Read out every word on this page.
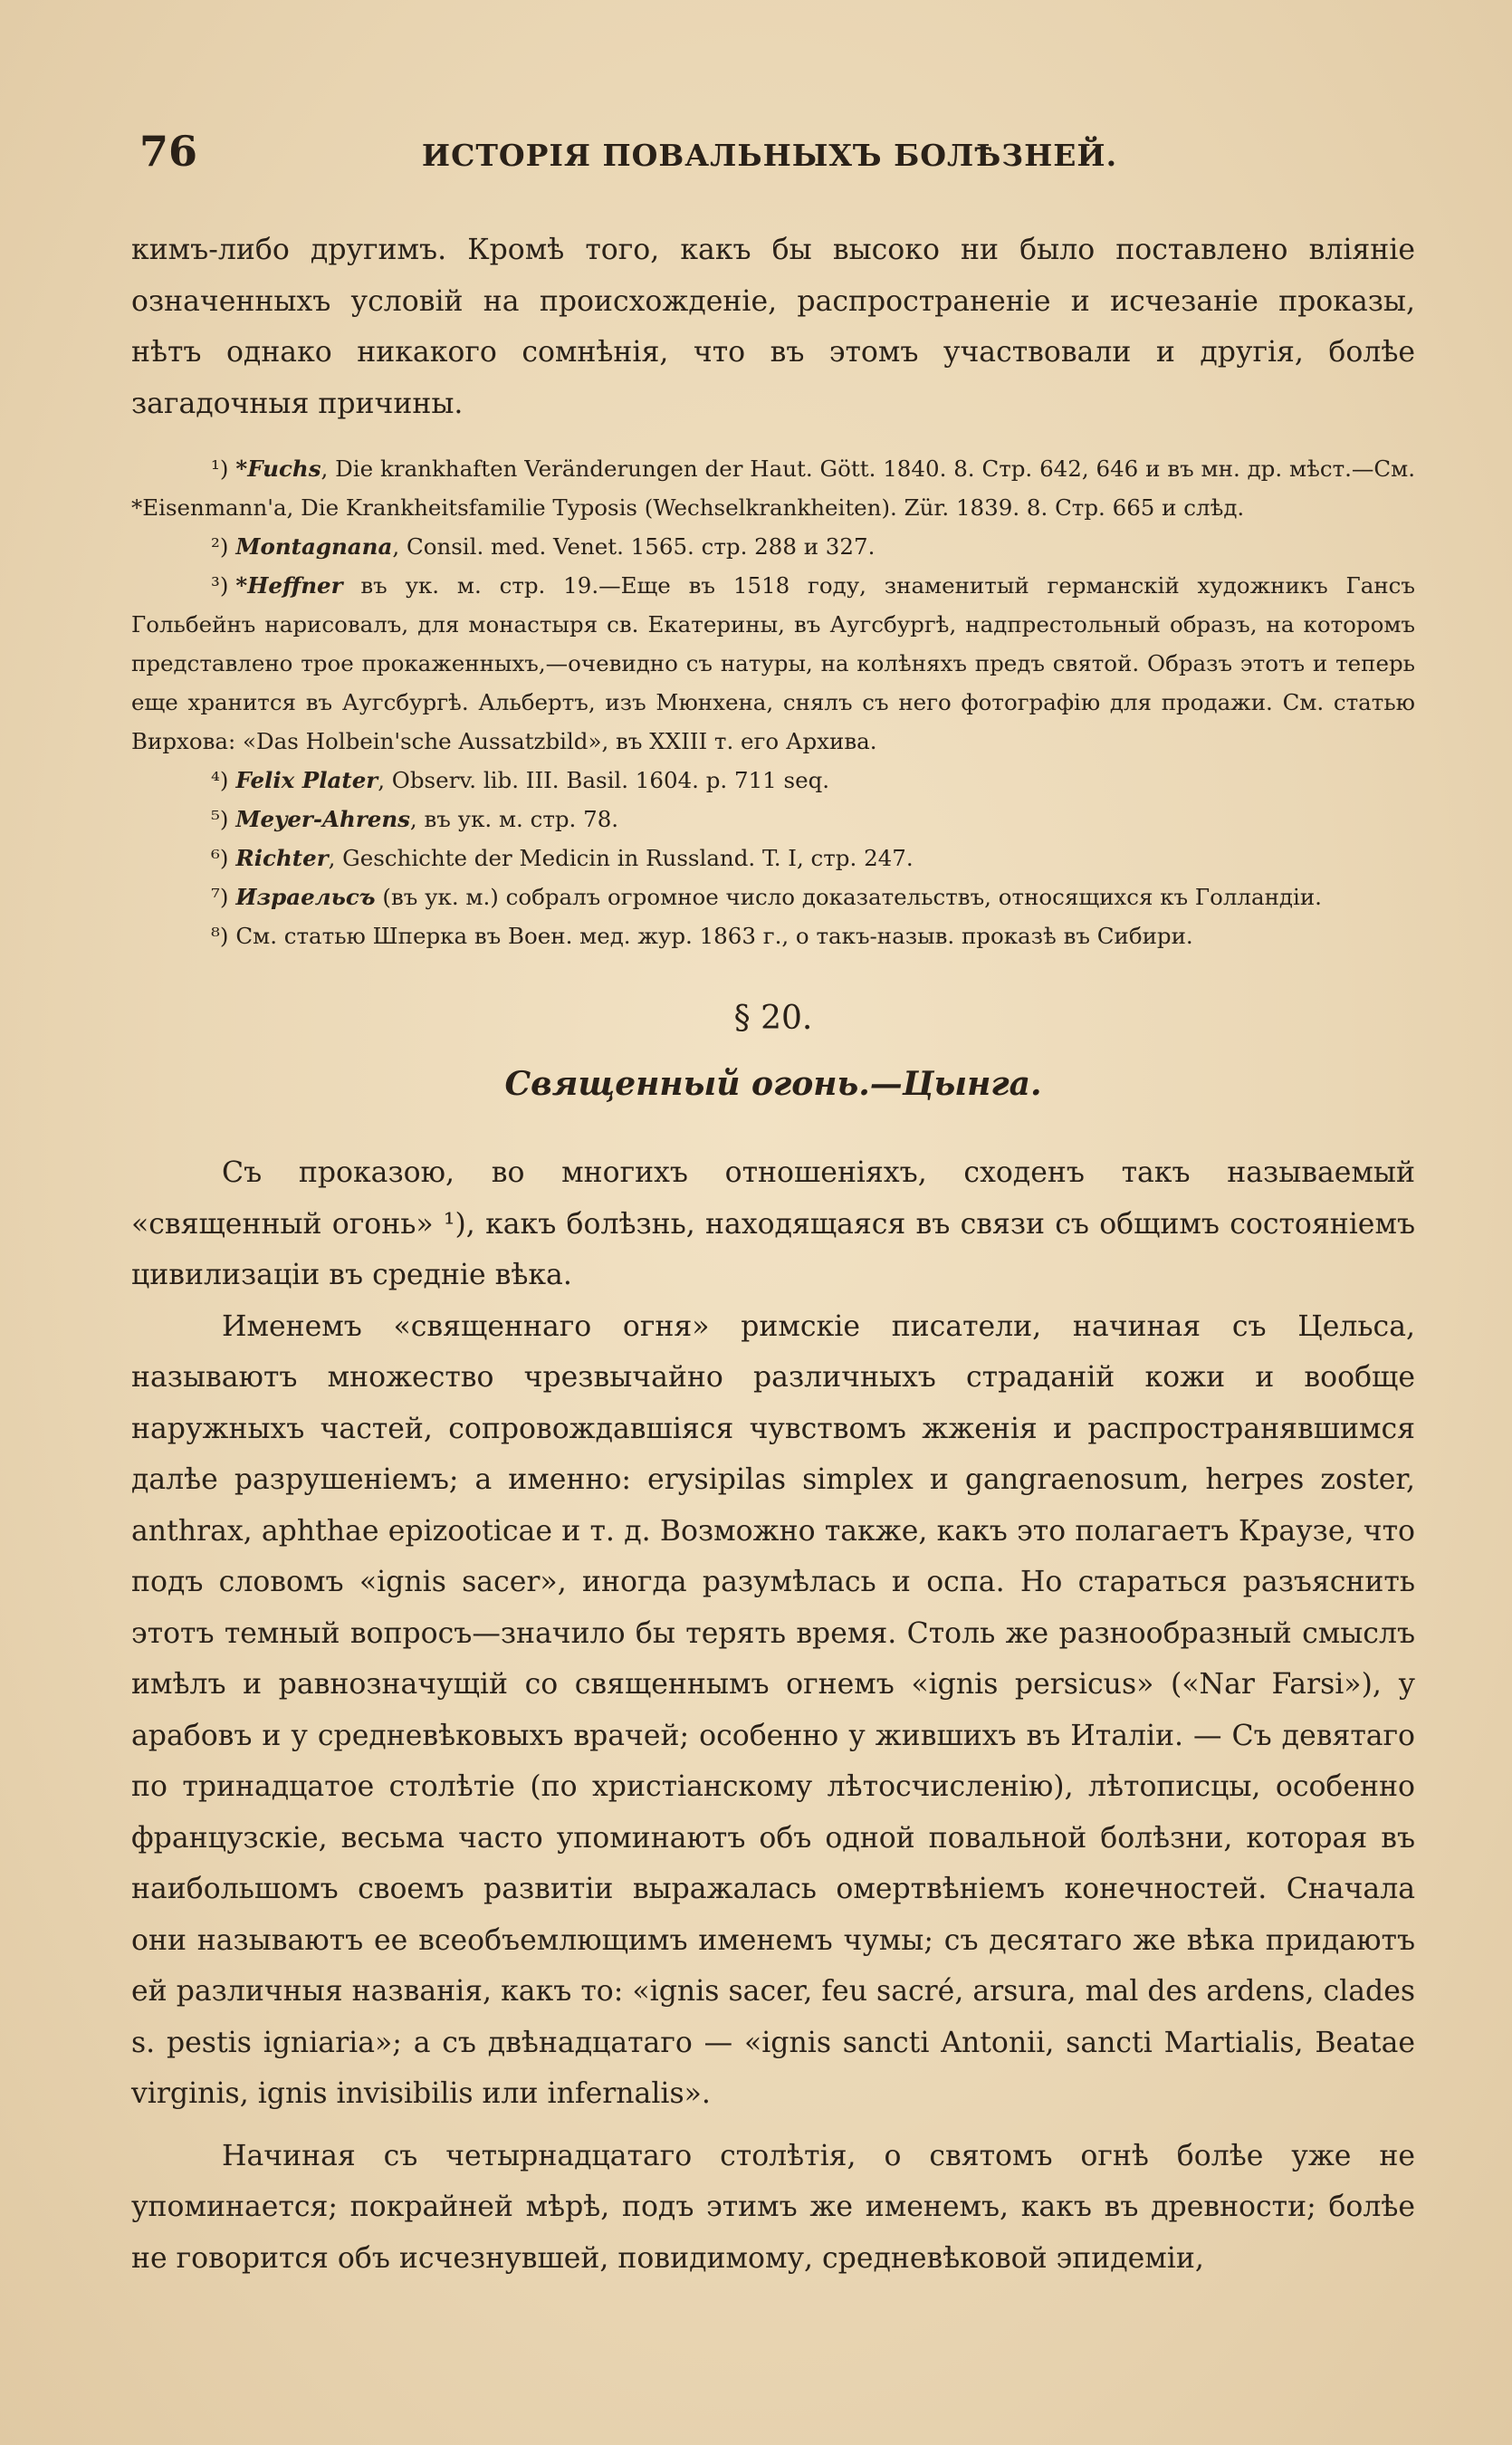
76	ИСТОРІЯ ПОВАЛЬНЫХЪ БОЛѢЗНЕЙ.

кимъ-либо другимъ. Кромѣ того, какъ бы высоко ни было поставлено вліяніе означенныхъ условій на происхожденіе, распространеніе и исчезаніе проказы, нѣтъ однако никакого сомнѣнія, что въ этомъ участвовали и другія, болѣе загадочныя причины.

¹) *Fuchs, Die krankhaften Veränderungen der Haut. Gött. 1840. 8. Стр. 642, 646 и въ мн. др. мѣст.—См. *Eisenmann'a, Die Krankheitsfamilie Typosis (Wechselkrankheiten). Zür. 1839. 8. Стр. 665 и слѣд.

²) Montagnana, Consil. med. Venet. 1565. стр. 288 и 327.

³) *Heffner въ ук. м. стр. 19.—Еще въ 1518 году, знаменитый германскій художникъ Гансъ Гольбейнъ нарисовалъ, для монастыря св. Екатерины, въ Аугсбургѣ, надпрестольный образъ, на которомъ представлено трое прокаженныхъ,—очевидно съ натуры, на колѣняхъ предъ святой. Образъ этотъ и теперь еще хранится въ Аугсбургѣ. Альбертъ, изъ Мюнхена, снялъ съ него фотографію для продажи. См. статью Вирхова: «Das Holbein'sche Aussatzbild», въ XXIII т. его Архива.

⁴) Felix Plater, Observ. lib. III. Basil. 1604. p. 711 seq.

⁵) Meyer-Ahrens, въ ук. м. стр. 78.

⁶) Richter, Geschichte der Medicin in Russland. T. I, стр. 247.

⁷) Израельсъ (въ ук. м.) собралъ огромное число доказательствъ, относящихся къ Голландіи.

⁸) См. статью Шперка въ Воен. мед. жур. 1863 г., о такъ-назыв. проказѣ въ Сибири.

§ 20.
Священный огонь.—Цынга.

Съ проказою, во многихъ отношеніяхъ, сходенъ такъ называемый «священный огонь» ¹), какъ болѣзнь, находящаяся въ связи съ общимъ состояніемъ цивилизаціи въ средніе вѣка.

Именемъ «священнаго огня» римскіе писатели, начиная съ Цельса, называютъ множество чрезвычайно различныхъ страданій кожи и вообще наружныхъ частей, сопровождавшіяся чувствомъ жженія и распространявшимся далѣе разрушеніемъ; а именно: erysipilas simplex и gangraenosum, herpes zoster, anthrax, aphthae epizooticae и т. д. Возможно также, какъ это полагаетъ Краузе, что подъ словомъ «ignis sacer», иногда разумѣлась и оспа. Но стараться разъяснить этотъ темный вопросъ—значило бы терять время. Столь же разнообразный смыслъ имѣлъ и равнозначущій со священнымъ огнемъ «ignis persicus» («Nar Farsi»), у арабовъ и у средневѣковыхъ врачей; особенно у жившихъ въ Италіи. — Съ девятаго по тринадцатое столѣтіе (по христіанскому лѣтосчисленію), лѣтописцы, особенно французскіе, весьма часто упоминаютъ объ одной повальной болѣзни, которая въ наибольшомъ своемъ развитіи выражалась омертвѣніемъ конечностей. Сначала они называютъ ее всеобъемлющимъ именемъ чумы; съ десятаго же вѣка придаютъ ей различныя названія, какъ то: «ignis sacer, feu sacré, arsura, mal des ardens, clades s. pestis igniaria»; а съ двѣнадцатаго — «ignis sancti Antonii, sancti Martialis, Beatae virginis, ignis invisibilis или infernalis».

Начиная съ четырнадцатаго столѣтія, о святомъ огнѣ болѣе уже не упоминается; покрайней мѣрѣ, подъ этимъ же именемъ, какъ въ древности; болѣе не говорится объ исчезнувшей, повидимому, средневѣковой эпидеміи,
